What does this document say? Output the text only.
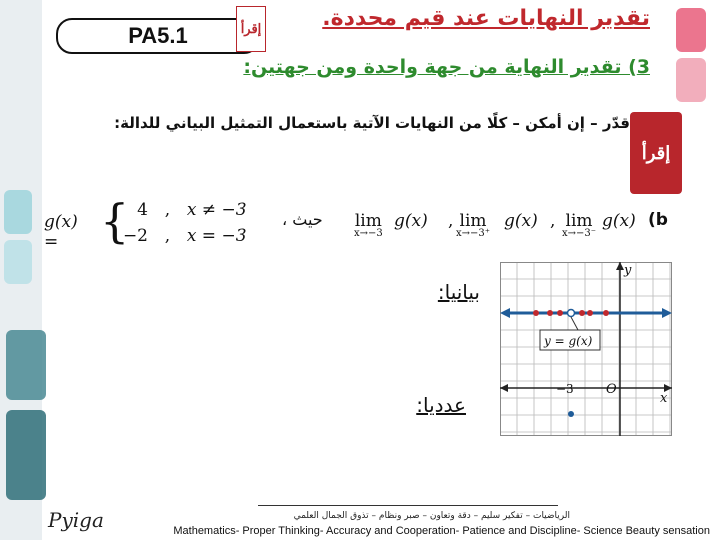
PA5.1	إقرأ
إقرأ
تقدير النهايات عند قيم محددة.
3) تقدير النهاية من جهة واحدة ومن جهتين:
قدّر – إن أمكن – كلًا من النهايات الآتية باستعمال التمثيل البياني للدالة:
g(x) = { 4 , x ≠ −3
−2 , x = −3
، حيث lim
x→−3
g(x) , lim
x→−3⁺
g(x) , lim
x→−3⁻
g(x) (b
بيانيا:
عدديا:
y
x
O
−3
y = g(x)
Pyiga	الرياضيات – تفكير سليم – دقة وتعاون – صبر ونظام – تذوق الجمال العلمي
Mathematics- Proper Thinking- Accuracy and Cooperation- Patience and Discipline- Science Beauty sensation
